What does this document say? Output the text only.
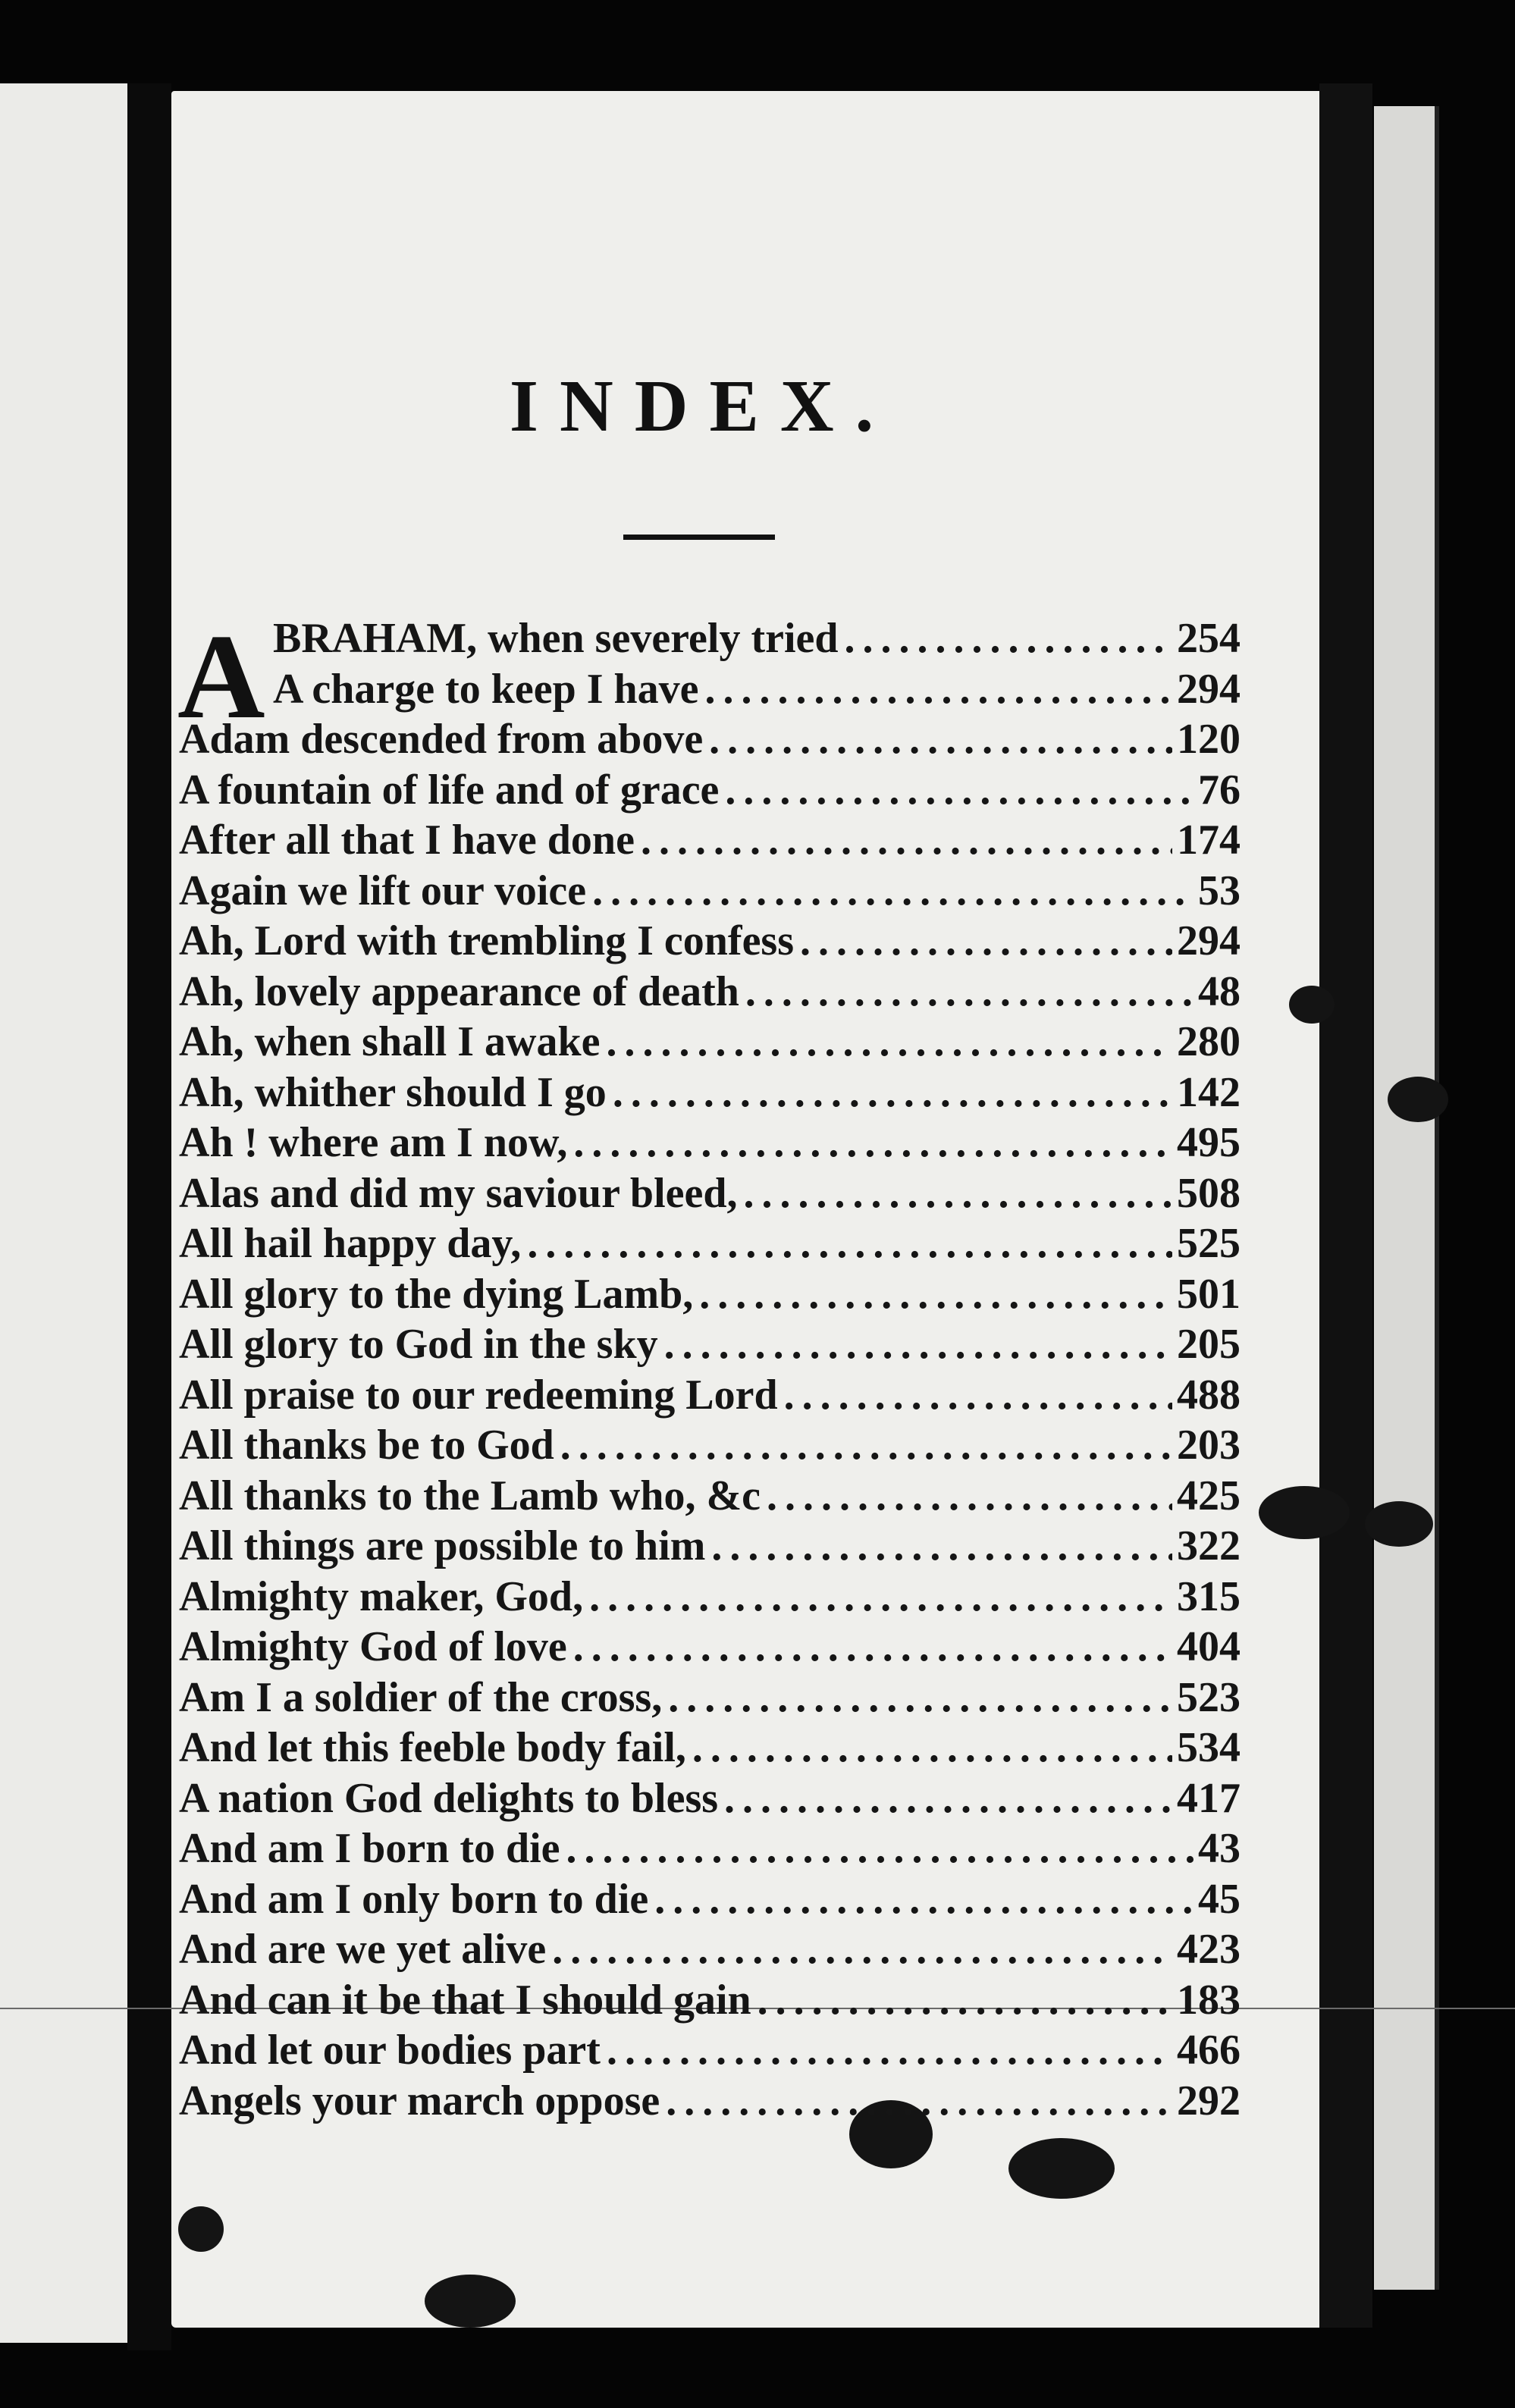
INDEX.
A BRAHAM, when severely tried .....	254
A charge to keep I have .....	294
Adam descended from above .....	120
A fountain of life and of grace .....	76
After all that I have done .....	174
Again we lift our voice .....	53
Ah, Lord with trembling I confess .....	294
Ah, lovely appearance of death .....	48
Ah, when shall I awake .....	280
Ah, whither should I go .....	142
Ah ! where am I now, .....	495
Alas and did my saviour bleed, .....	508
All hail happy day, .....	525
All glory to the dying Lamb, .....	501
All glory to God in the sky .....	205
All praise to our redeeming Lord .....	488
All thanks be to God .....	203
All thanks to the Lamb who, &c .....	425
All things are possible to him .....	322
Almighty maker, God, .....	315
Almighty God of love .....	404
Am I a soldier of the cross, .....	523
And let this feeble body fail, .....	534
A nation God delights to bless .....	417
And am I born to die .....	43
And am I only born to die .....	45
And are we yet alive .....	423
And can it be that I should gain .....	183
And let our bodies part .....	466
Angels your march oppose .....	292
